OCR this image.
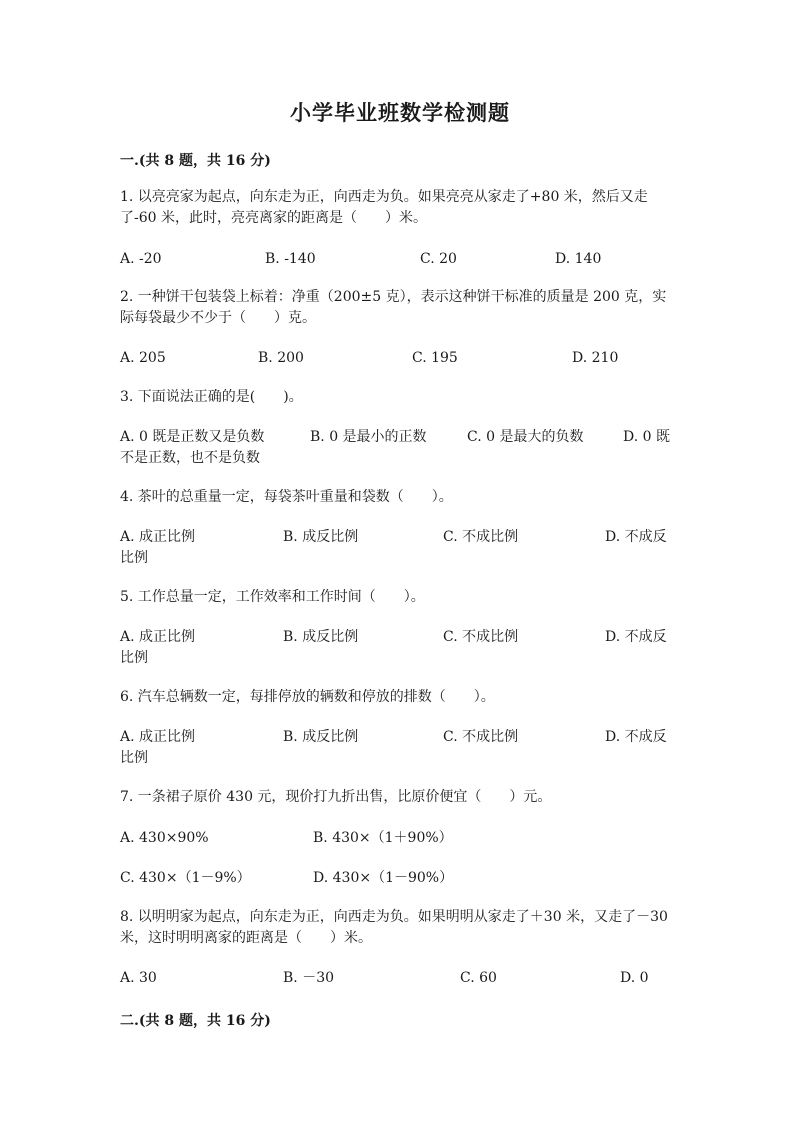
小学毕业班数学检测题
一.(共 8 题，共 16 分)
1. 以亮亮家为起点，向东走为正，向西走为负。如果亮亮从家走了+80 米，然后又走了-60 米，此时，亮亮离家的距离是（　　）米。
A. -20	B. -140	C. 20	D. 140
2. 一种饼干包装袋上标着：净重（200±5 克），表示这种饼干标准的质量是 200 克，实际每袋最少不少于（　　）克。
A. 205	B. 200	C. 195	D. 210
3. 下面说法正确的是(　　)。
A. 0 既是正数又是负数	B. 0 是最小的正数	C. 0 是最大的负数	D. 0 既不是正数，也不是负数
4. 茶叶的总重量一定，每袋茶叶重量和袋数（　　）。
A. 成正比例	B. 成反比例	C. 不成比例	D. 不成反比例
5. 工作总量一定，工作效率和工作时间（　　）。
A. 成正比例	B. 成反比例	C. 不成比例	D. 不成反比例
6. 汽车总辆数一定，每排停放的辆数和停放的排数（　　）。
A. 成正比例	B. 成反比例	C. 不成比例	D. 不成反比例
7. 一条裙子原价 430 元，现价打九折出售，比原价便宜（　　）元。
A. 430×90%	B. 430×（1＋90%）
C. 430×（1－9%）	D. 430×（1－90%）
8. 以明明家为起点，向东走为正，向西走为负。如果明明从家走了＋30 米，又走了－30 米，这时明明离家的距离是（　　）米。
A. 30	B. －30	C. 60	D. 0
二.(共 8 题，共 16 分)
